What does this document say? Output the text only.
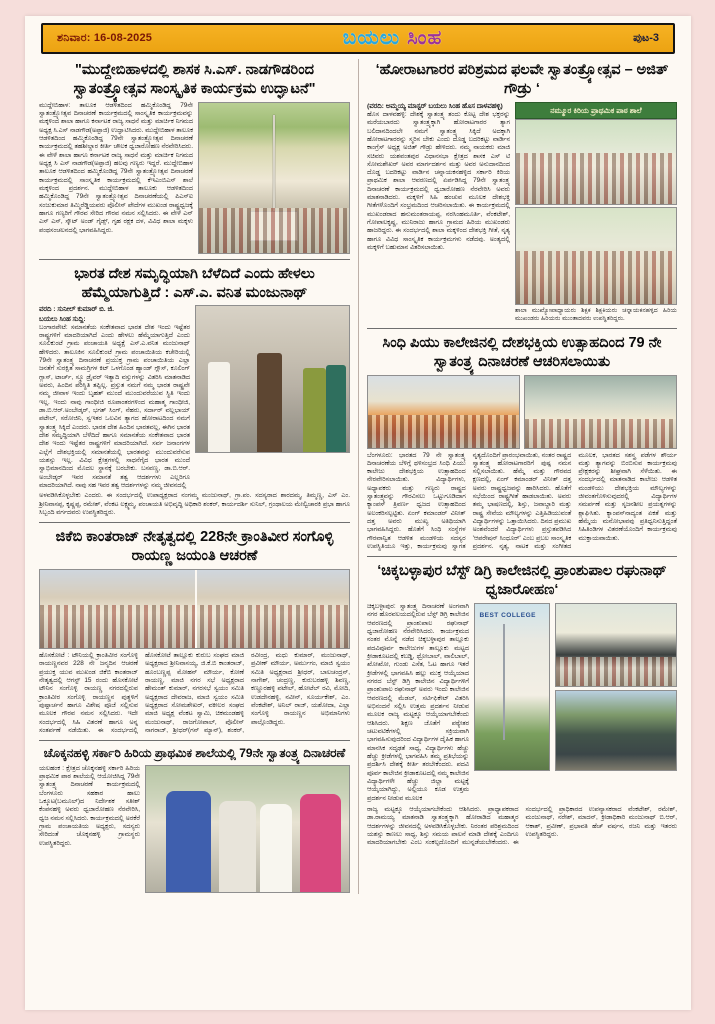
ಶನಿವಾರ: 16-08-2025	ಬಯಲು ಸಿಂಹ	ಪುಟ-3
"ಮುದ್ದೇಬಿಹಾಳದಲ್ಲಿ ಶಾಸಕ ಸಿ.ಎಸ್. ನಾಡಗೌಡರಿಂದ ಸ್ವಾತಂತ್ರ್ಯೋತ್ಸವ ಸಾಂಸ್ಕೃತಿಕ ಕಾರ್ಯಕ್ರಮ ಉದ್ಘಾಟನೆ"

ಮುದ್ದೇಬಿಹಾಳ: ತಾಲೂಕ ಆಡಳಿತದಿಂದ ಹಮ್ಮಿಕೊಂಡಿದ್ದ 79ನೇ ಸ್ವಾತಂತ್ರ್ಯೋತ್ಸವ ದಿನಾಚರಣೆ ಕಾರ್ಯಕ್ರಮದಲ್ಲಿ ಸಾಂಸ್ಕೃತಿಕ ಕಾರ್ಯಕ್ರಮವನ್ನು ಮಕ್ಕಳಿಂದ ಶಾಲಾ ಹಾಗೂ ಕರ್ನಾಟಕ ರಾಜ್ಯ ಸಾಧನೆ ಮತ್ತು ಮಾರ್ಚಿಕ ನಿಗಮದ ಅಧ್ಯಕ್ಷ ಸಿ.ಎಸ್ ನಾಡಗೌಡ(ಅಪ್ಪಾಜಿ) ಉದ್ಘಾಟಿಸಿದರು. ಮುದ್ದೇಬಿಹಾಳ ತಾಲೂಕ ಆಡಳಿತದಿಂದ ಹಮ್ಮಿಕೊಂಡಿದ್ದ 79ನೇ ಸ್ವಾತಂತ್ರ್ಯೋತ್ಸವ ದಿನಾಚರಣೆ ಕಾರ್ಯಕ್ರಮದಲ್ಲಿ ತಹಶೀಲ್ದಾರ ಕೀರ್ತಿ ಚೌಲಕ ಧ್ವಜಾರೋಹಣ ನೆರವೇರಿಸಿದರು. ಈ ವೇಳೆ ಶಾಲಾ ಹಾಗೂ ಕರ್ನಾಟಕ ರಾಜ್ಯ ಸಾಧನೆ ಮತ್ತು ಮಾರ್ಚಿಕ ನಿಗಮದ ಅಧ್ಯಕ್ಷ ಸಿ ಎಸ್ ನಾಡಗೌಡ(ಅಪ್ಪಾಜಿ) ಹಲವು ಗಣ್ಯರು ಇದ್ದರೆ. ಮುದ್ದೇಬಿಹಾಳ ತಾಲೂಕ ಆಡಳಿತದಿಂದ ಹಮ್ಮಿಕೊಂಡಿದ್ದ 79ನೇ ಸ್ವಾತಂತ್ರ್ಯೋತ್ಸವ ದಿನಾಚರಣೆ ಕಾರ್ಯಕ್ರಮದಲ್ಲಿ ಸಾಂಸ್ಕೃತಿಕ ಕಾರ್ಯಕ್ರಮದಲ್ಲಿ ಕೆಇಎಂಬಿಎಸ್ ಶಾಲೆ ಮಕ್ಕಳಿಂದ ಪ್ರದರ್ಶನ. ಮುದ್ದೇಬಿಹಾಳ ತಾಲೂಕು ಆಡಳಿತದಿಂದ ಹಮ್ಮಿಕೊಂಡಿದ್ದ 79ನೇ ಸ್ವಾತಂತ್ರ್ಯೋತ್ಸವ ದಿನಾಚರಣೆಯಲ್ಲಿ ಪಿಎಸ್ಐ ಸಂಜುಕುಮಾರ ತಿಮ್ಮಿರೆಡ್ಡಿಯವರು ಪೊಲೀಸ್ ಪೇದೆಗಳ ಮುಖಂಡ ರಾಷ್ಟ್ರಧ್ವಜಕ್ಕೆ ಹಾಗೂ ಗಣ್ಯರಿಗೆ ಗೌರವ ಸೇರಿದ ಗೌರವ ನಮನ ಸಲ್ಲಿಸಿದರು. ಈ ವೇಳೆ ಎನ್ ಎಸ್ ಎಸ್, ಸ್ಕೌಟ್ ಅಂಡ್ ಗೈಡ್ಸ್, ಗೃಹ ರಕ್ಷಕ ದಳ, ವಿವಿಧ ಶಾಲಾ ಮಕ್ಕಳು ಪಂಥಸಂಚಲನದಲ್ಲಿ ಭಾಗವಹಿಸಿದ್ದರು.

ಭಾರತ ದೇಶ ಸಮೃದ್ಧಿಯಾಗಿ ಬೆಳೆದಿದೆ ಎಂದು ಹೇಳಲು ಹೆಮ್ಮೆಯಾಗುತ್ತಿದೆ : ಎಸ್.ಎ. ವನಿತ ಮಂಜುನಾಥ್
ವರದಿ : ಸುನೀಲ್ ಕುಮಾರ್ ಬಿ. ಜಿ.
ಬಯಲು ಸಿಂಹ ಸುದ್ದಿ:

ಬಂಗಾರಪೇಟೆ: ಸಮಾನತೆಯ ಸಂಕೇತವಾದ ಭಾರತ ದೇಶ ಇಂದು ಇಷ್ಟೆತರ ರಾಷ್ಟ್ರಗಳಿಗೆ ಮಾದರಿಯಾಗಿದೆ ಎಂದು ಹೇಳಲು ಹೆಮ್ಮೆಯಾಗುತ್ತಿದೆ ಎಂದು ಸೂಲಿಕುಂಟೆ ಗ್ರಾಮ ಪಂಚಾಯತಿ ಅಧ್ಯಕ್ಷೆ ಎಸ್.ಎ.ವನಿತ ಮಂಜುನಾಥ್ ಹೇಳಿದರು. ತಾಲೂಕಿನ ಸೂಲಿಕುಂಟೆ ಗ್ರಾಮ ಪಂಚಾಯಿತಿಯ ಕಚೇರಿಯಲ್ಲಿ 79ನೇ ಸ್ವಾತಂತ್ರ್ಯ ದಿನಾಚರಣೆ ಪ್ರಯುಕ್ತ ಗ್ರಾಮ ಪಂಚಾಯಿತಿಯ ಎಲ್ಲಾ ಜನತೆಗೆ ಸುರಕ್ಷಿತ ಸಾಮಗ್ರಿಗಳ ಕಿಟ್ ಒಳಗೊಂಡ ಹ್ಯಾಂಡ್ ಗ್ಲೌಸ್, ಕೂಲಿಂಗ್ ಗ್ಲಾಸ್, ಟಾರ್ಚ್, ಸ್ಕ್ರೂ ಡ್ರೈವರ್ ಇತ್ಯಾದಿ ವಸ್ತುಗಳನ್ನು ವಿತರಿಸಿ ಮಾತನಾಡಿದ ಅವರು, ಹಿಂದಿನ ಪರಿಸ್ಥಿತಿ ತಪ್ಪಿಲ್ಲ. ಪ್ರಸ್ತುತ ನಮಗೆ ನಮ್ಮ ಭಾರತ ರಾಷ್ಟ್ರವೇ ನಮ್ಮ ಜೀವಾಳ ಇಂದು ಬೃಹತ್ ಮುಂದೆ ಮುಂದುವರೆಯುವ ಸ್ಥಿತಿ ಇಂದು ಇಲ್ಲ. ಇಂದು ನಾವು ಗಾಂಧೀಜಿ ರೂಪಾಂತರಗಳಿಂದ ಮಹಾತ್ಮ ಗಾಂಧೀಜಿ, ಡಾ.ಬಿ.ಆರ್.ಅಂಬೇಡ್ಕರ್, ಭಗತ್ ಸಿಂಗ್, ನೆಹರು, ಸರ್ದಾರ್ ವಲ್ಲಭಾಯ್ ಪಟೇಲ್, ಸರೋಜಿನಿ, ಸ್ವಇತರ ಒಲವಿನ ತ್ಯಾಗದ ಹೋರಾಟದಿಂದ ನಮಗೆ ಸ್ವಾತಂತ್ರ್ಯ ಸಿಕ್ಕಿದೆ ಎಂದರು. ಭಾರತ ದೇಶ ಹಿಂದಿನ ಭಾರತವಲ್ಲ, ಈಗಿನ ಭಾರತ ದೇಶ ಸಮೃದ್ಧಿಯಾಗಿ ಬೆಳೆದಿದೆ ಹಾಗೂ ಸಮಾನತೆಯ ಸಂಕೇತವಾದ ಭಾರತ ದೇಶ ಇಂದು ಇಷ್ಟೆತರ ರಾಷ್ಟ್ರಗಳಿಗೆ ಮಾದರಿಯಾಗಿದೆ. ಸರ್ವ ಜನಾಂಗಗಳ ಎಲ್ಲೆಗೆ ದೇಶಭಕ್ತಿಯಲ್ಲಿ ಸಮಾನತೆಯಲ್ಲಿ ಭಾರತವನ್ನು ಮುಂದುವರೆಸುವ ಯಶಸ್ಸು ಇಲ್ಲ. ವಿವಿಧ ಕ್ಷೇತ್ರಗಳಲ್ಲಿ ಸಾಧನೆಗೈದ ಭಾರತ ಮುಂದೆ ಸ್ವಾಭಿಮಾನದಿಂದ ಮೊದಲ ಸ್ಥಾನಕ್ಕೆ ಬರಬೇಕು. ಬಸವಣ್ಣ, ಡಾ.ಬಿ.ಆರ್. ಅಂಬೇಡ್ಕರ್ ಇವರ ಸಮಾನತೆ ತತ್ವ ಆದರ್ಶಗಳು ಎಲ್ಲರಿಗೂ ಮಾದರಿಯಾಗಿದೆ. ನಾವು ಸಹ ಇವರ ತತ್ವ ಆದರ್ಶಗಳನ್ನು ನಮ್ಮ ಜೀವನದಲ್ಲಿ

ಅಳವಡಿಸಿಕೊಳ್ಳಬೇಕು ಎಂದರು. ಈ ಸಂದರ್ಭದಲ್ಲಿ ಉಪಾಧ್ಯಕ್ಷರಾದ ನಂಗಮ್ಮ ಮಂಜುನಾಥ್, ಗ್ರಾ.ಪಂ. ಸದಸ್ಯರಾದ ಶಾರದಮ್ಮ, ತಿಮ್ಮಣ್ಣ, ಎಸ್ ಎಂ. ಶ್ರೀನಿವಾಸಪ್ಪ, ಕೃಷ್ಣಪ್ಪ, ರಮೇಶ್, ವೆಂಕಟ ಲಕ್ಷ್ಮಮ್ಮ, ಪಂಚಾಯತಿ ಅಭಿವೃದ್ಧಿ ಅಧಿಕಾರಿ ಶಂಕರ್, ಕಾರ್ಯದರ್ಶಿ ಸುನಿಲ್, ಗ್ರಂಥಾಲಯ ಮೇಲ್ವಿಚಾರಕಿ ಪ್ರಭಾ ಹಾಗೂ ಸಿಬ್ಬಂದಿ ವರ್ಗದವರು ಉಪಸ್ಥಿತರಿದ್ದರು.

ಜಿಕೆಬಿ ಕಾಂತರಾಜ್ ನೇತೃತ್ವದಲ್ಲಿ 228ನೇ ಕ್ರಾಂತಿವೀರ ಸಂಗೊಳ್ಳಿ ರಾಯಣ್ಣ ಜಯಂತಿ ಆಚರಣೆ

ಹೊಸಕೋಟೆ : ಟೌನಿಯಲ್ಲಿ ಕ್ರಾಂತಿವೀರ ಸಂಗೊಳ್ಳಿ ರಾಯಣ್ಣನವರ 228 ನೇ ಜನ್ಮದಿನ ಆಚರಣೆ ಪ್ರಯುಕ್ತ ಯುವ ಮುಖಂಡ ಜಿಕೆಬಿ ಕಾಂತರಾಜ್ ನೇತೃತ್ವದಲ್ಲಿ ಆಗಸ್ಟ್ 15 ರಂದು ಹೊಸಕೋಟೆ ಟೌನಿನ ಸಂಗೊಳ್ಳಿ ರಾಯಣ್ಣ ನಗರದಲ್ಲಿರುವ ಕ್ರಾಂತಿವೀರ ಸಂಗೊಳ್ಳಿ ರಾಯಣ್ಣನ ಪುತ್ಥಳಿಗೆ ಪುಷ್ಪಾರ್ಚನೆ ಹಾಗೂ ವಿಶೇಷ ಪೂಜೆ ಸಲ್ಲಿಸುವ ಮೂಲಕ ಗೌರವ ನಮನ ಸಲ್ಲಿಸಿದರು. ಇದೇ ಸಂದರ್ಭದಲ್ಲಿ ಸಿಹಿ ವಿತರಣೆ ಹಾಗೂ ಅನ್ನ ಸಂತರ್ಪಣೆ ನಡೆಯಿತು. ಈ ಸಂದರ್ಭದಲ್ಲಿ ಹೊಸಕೋಟೆ ತಾಲ್ಲೂಕು ಕುರುಬ ಸಂಘದ ಮಾಜಿ ಅಧ್ಯಕ್ಷರಾದ ಶ್ರೀನಿವಾಸಯ್ಯ, ಜಿ.ಕೆ.ಬಿ ಕಾಂತರಾಜ್, ಹೂಂಬಣ್ಣಪ್ಪ ಮೋಹನ್ ಮೌರ್ಯ, ಕೋಣೆ ರಾಯಣ್ಣ, ಮಾಜಿ ನಗರ ಸಭೆ ಅಧ್ಯಕ್ಷರಾದ ಹೇಮಂತ್ ಕುಮಾರ್, ನಗರಸಭೆ ಸ್ವಯಂ ಸಮಿತಿ ಅಧ್ಯಕ್ಷರಾದ ದೇವರಾಜ, ಮಾಜಿ ಸ್ವಯಂ ಸಮಿತಿ ಅಧ್ಯಕ್ಷರಾದ ಸೋಮಶೇಖರ್, ವಕೀಲರ ಸಂಘದ ಮಾಜಿ ಅಧ್ಯಕ್ಷ ವೆಂಕಟ ಸ್ವಾಮಿ, ಚಿಕಮಂಡಹಳ್ಳಿ ಮಂಜುನಾಥ್, ರಾಜಗೋಪಾಲ್, ಪೊಲೀಸ್ ನಾಗರಾಜ್, ಶ್ರೀಧರ್(ಗನ್ ಮ್ಯಾನ್), ಶಂಕರ್, ರವೀಂದ್ರ, ಮಧು ಕುಮಾರ್, ಮಂಜುನಾಥ್, ಪ್ರವೀಣ್ ಮೌರ್ಯ, ಅರ್ಮುಗಂ, ಮಾಜಿ ಸ್ವಯಂ ಸಮಿತಿ ಅಧ್ಯಕ್ಷರಾದ ಶ್ರೀಧರ್, ಬಾಲಚಂದ್ರನ್, ನಾಗೇಶ್, ಚಂದ್ರಣ್ಣ, ಕುರುಬರಹಳ್ಳಿ ಶಿವಣ್ಣ, ಕಣ್ಣೂರಹಳ್ಳಿ ಪಟೇಲ್, ಹೋಟೆಲ್ ರವಿ, ಮೋದಿ, ಉಡದೇನಹಳ್ಳಿ, ನವೀನ್, ಸೂರ್ಯಕೇಶ್, ಎಂ. ವೆಂಕಟೇಶ್, ಅನಿಲ್ ರಾಜ್, ಯಶೋದಾ, ಎಲ್ಲಾ ಸಂಗೊಳ್ಳಿ ರಾಯಣ್ಣನ ಅಭಿಮಾನಿಗಳು ಪಾಲ್ಗೊಂಡಿದ್ದರು.

ಚೊಕ್ಕನಹಳ್ಳಿ ಸರ್ಕಾರಿ ಹಿರಿಯ ಪ್ರಾಥಮಿಕ ಶಾಲೆಯಲ್ಲಿ 79ನೇ ಸ್ವಾತಂತ್ರ್ಯ ದಿನಾಚರಣೆ

ಯಲಹಂಕ : ಕ್ಷೇತ್ರದ ಚೊಕ್ಕನಹಳ್ಳಿ ಸರ್ಕಾರಿ ಹಿರಿಯ ಪ್ರಾಥಮಿಕ ಪಾಠ ಶಾಲೆಯಲ್ಲಿ ಆಯೋಜಿಸಿದ್ದ 79ನೇ ಸ್ವಾತಂತ್ರ್ಯ ದಿನಾಚರಣೆ ಕಾರ್ಯಕ್ರಮದಲ್ಲಿ ಬೆಂಗಳೂರು ಸಹಕಾರ ಹಾಲು ಒಕ್ಕೂಟ(ಬಮೂಲ್)ದ ನಿರ್ದೇಶಕ ಸತೀಶ್ ಕೆಂಪನಹಳ್ಳಿ ಅವರು ಧ್ವಜಾರೋಹಣ ನೆರವೇರಿಸಿ, ಧ್ವಜ ನಮನ ಸಲ್ಲಿಸಿದರು. ಕಾರ್ಯಕ್ರಮದಲ್ಲಿ ಅರಕೆರೆ ಗ್ರಾಮ ಪಂಚಾಯತಿಯ ಅಧ್ಯಕ್ಷರು, ಸದಸ್ಯರು ಸೇರಿದಂತೆ ಚೊಕ್ಕನಹಳ್ಳಿ ಗ್ರಾಮಸ್ಥರು ಉಪಸ್ಥಿತರಿದ್ದರು.

‘ಹೋರಾಟಗಾರರ ಪರಿಶ್ರಮದ ಫಲವೇ ಸ್ವಾತಂತ್ರ್ಯೋತ್ಸವ – ಅಜಿತ್ ಗೌಡ್ರು ‘
(ವರದಿ: ಅಮ್ಮಯ್ಯ ಮಾಸ್ಟರ್ ಬಯಲು ಸಿಂಹ ಹೊಸ ದಾಳವಹಳ್ಳಿ)

ಹೊಸ ದಾಳವಹಳ್ಳಿ: ದೇಶಕ್ಕೆ ಸ್ವಾತಂತ್ರ್ಯ ತಂದು ಕೊಟ್ಟ ದೇಶ ಭಕ್ತರನ್ನು ಮರೆಯಬಾರದು ಸ್ವಾತಂತ್ರ್ಯಕ್ಕಾಗಿ ಹೋರಾಟಗಾರರ ತ್ಯಾಗ ಬಲಿದಾನದಿಂದಲೇ ನಮಗೆ ಸ್ವಾತಂತ್ರ್ಯ ಸಿಕ್ಕಿದೆ ಅದಕ್ಕಾಗಿ ಹೋರಾಟಗಾರರನ್ನು ಸ್ಮರಿಸ ಬೇಕು ಎಂದು ದೊಡ್ಡ ಬದರಿಕಟ್ಟು ವಾರ್ಡಿನ ಕಾಂಗ್ರೆಸ್ ಅಧ್ಯಕ್ಷ ಅಜಿತ್ ಗೌಡ್ರು ಹೇಳಿದರು. ನಮ್ಮ ನಾಯಕರು ಮಾಜಿ ಸಚಿವರು ಯಶವಂತಪುರ ವಿಧಾನಸಭಾ ಕ್ಷೇತ್ರದ ಶಾಸಕ ಎಸ್ ಟಿ ಸೋಮಶೇಖರ್ ಅವರ ಮಾರ್ಗದರ್ಶನ ಮತ್ತು ಅವರ ಅನುದಾನದಿಂದ ದೊಡ್ಡ ಬದರಿಕಟ್ಟು ವಾರ್ಡಿನ ಚನ್ನಾಯಕನಹಳ್ಳಿದ ಸರ್ಕಾರಿ ಕಿರಿಯ ಪ್ರಾಥಮಿಕ ಶಾಲಾ ಆವರಣದಲ್ಲಿ ಏರ್ಪಡಿಸಿದ್ದ 79ನೇ ಸ್ವಾತಂತ್ರ್ಯ ದಿನಾಚರಣೆ ಕಾರ್ಯಕ್ರಮದಲ್ಲಿ ಧ್ವಜಾರೋಹಣ ನೆರವೇರಿಸಿ ಅವರು ಮಾತನಾಡಿದರು. ಮಕ್ಕಳಿಗೆ ಸಿಹಿ ಹಂಚುವ ಮೂಲಕ ದೇಶಭಕ್ತಿ ಗೀತೆಗಳೊಂದಿಗೆ ಸಂಭ್ರಮದಿಂದ ಆಚರಿಸಲಾಯಿತು. ಈ ಕಾರ್ಯಕ್ರಮದಲ್ಲಿ ಮುಖಂಡರಾದ ಹನುಮಂತರಾಯಪ್ಪ, ನರಸಿಂಹಮೂರ್ತಿ, ವೆಂಕಟೇಶ್, ಗೋಪಾಲಕೃಷ್ಣ, ಮುನಿರಾಜು ಹಾಗೂ ಗ್ರಾಮದ ಹಿರಿಯ ಮುಖಂಡರು ಹಾಜರಿದ್ದರು. ಈ ಸಂದರ್ಭದಲ್ಲಿ ಶಾಲಾ ಮಕ್ಕಳಿಂದ ದೇಶಭಕ್ತಿ ಗೀತೆ, ನೃತ್ಯ ಹಾಗೂ ವಿವಿಧ ಸಾಂಸ್ಕೃತಿಕ ಕಾರ್ಯಕ್ರಮಗಳು ನಡೆದವು. ಅಂತ್ಯದಲ್ಲಿ ಮಕ್ಕಳಿಗೆ ಬಹುಮಾನ ವಿತರಿಸಲಾಯಿತು.

ನಮ್ಮೂರ ಕಿರಿಯ ಪ್ರಾಥಮಿಕ ಪಾಠ ಶಾಲೆ

ಶಾಲಾ ಮುಖ್ಯೋಪಾಧ್ಯಾಯರು ಶಿಕ್ಷಕ ಶಿಕ್ಷಕಿಯರು ಚನ್ನಾಯಕನಹಳ್ಳಿದ ಹಿರಿಯ ಮುಖಂಡರು ಹಿರಿಯರು ಮುಂತಾದವರು ಉಪಸ್ಥಿತರಿದ್ದರು.

ಸಿಂಧಿ ಪಿಯು ಕಾಲೇಜಿನಲ್ಲಿ ದೇಶಭಕ್ತಿಯ ಉತ್ಸಾಹದಿಂದ 79 ನೇ ಸ್ವಾತಂತ್ರ್ಯ ದಿನಾಚರಣೆ ಆಚರಿಸಲಾಯಿತು

ಬೆಂಗಳೂರು: ಭಾರತದ 79 ನೇ ಸ್ವಾತಂತ್ರ್ಯ ದಿನಾಚರಣೆಯ ಬೆಳಿಗ್ಗೆ ಥಳಿಸಂಭ್ರದ ಸಿಂಧಿ ಪಿಯು ಕಾಲೇಜು ದೇಶಭಕ್ತಿಯ ಉತ್ಸಾಹದಿಂದ ನೇರವೇರಿಸಲಾಯಿತು. ವಿದ್ಯಾರ್ಥಿಗಳು, ಅಧ್ಯಾಪಕರು ಮತ್ತು ಗಣ್ಯರು ರಾಷ್ಟ್ರದ ಸ್ವಾತಂತ್ರ್ಯವನ್ನು ಗೌರವಿಸಲು ಒಟ್ಟುಗೂಡಿದಾಗ ಕ್ಯಾಂಪಸ್ ತ್ರಿವರ್ಣ ಧ್ವಜದ ಉತ್ಸಾಹದಿಂದ ಅಲಂಕರಿಸಲ್ಪಟ್ಟಿತು. ಏಂಗ್ ಕಮಾಂಡರ್ ವಿನೀತ್ ದತ್ತ ಅವರು ಮುಖ್ಯ ಅತಿಥಿಯಾಗಿ ಭಾಗವಹಿಸಿದ್ದರು. ಹೊತೆಗೆ ಸಿಂಧಿ ಸಂಸ್ಥೆಗಳ ಗೌರವಾನ್ವಿತ ಆಡಳಿತ ಮಂಡಳಿಯ ಸದಸ್ಯರ ಉಪಸ್ಥಿತಿಯೂ ಇತ್ತು, ಕಾರ್ಯಕ್ರಮವು ಸ್ವಾಗತ ನೃತ್ಯದೊಂದಿಗೆ ಪ್ರಾರಂಭವಾಯಿತು, ನಂತರ ರಾಷ್ಟ್ರದ ಸ್ವಾತಂತ್ರ್ಯ ಹೋರಾಟಗಾರರಿಗೆ ಪುಷ್ಪ ನಮನ ಸಲ್ಲಿಸಲಾಯಿತು. ಹೆಮ್ಮೆ ಮತ್ತು ಗೌರವದ ಕ್ಷಣದಲ್ಲಿ, ಏಂಗ್ ಕಮಾಂಡರ್ ವಿನೀತ್ ದತ್ತ ಅವರು ರಾಷ್ಟ್ರಧ್ವಜವನ್ನು ಹಾರಿಸಿದರು. ಹೊತೆಗೆ ಸಭೆಯಿಂದ ರಾಷ್ಟ್ರಗೀತೆ ಹಾಡಲಾಯಿತು. ಅವರು ತಮ್ಮ ಭಾಷಣದಲ್ಲಿ, ಶಿಸ್ತು, ಜವಾಬ್ದಾರಿ ಮತ್ತು ರಾಷ್ಟ್ರ ಸೇವೆಯ ಮೌಲ್ಯಗಳನ್ನು ಎತ್ತಿಹಿಡಿಯುವಂತೆ ವಿದ್ಯಾರ್ಥಿಗಳನ್ನು ಒತ್ತಾಯಿಸಿದರು. ದಿನದ ಪ್ರಮುಖ ಅಂಶವೆಂದರೆ ವಿದ್ಯಾರ್ಥಿಗಳು ಪ್ರಸ್ತುತಪಡಿಸಿದ 'ಆಪರೇಷನ್ ಸಿಂಧೂರ್' ಎಂಬ ಪ್ರಬಲ ಸಾಂಸ್ಕೃತಿಕ ಪ್ರದರ್ಶನ. ನೃತ್ಯ, ನಾಟಕ ಮತ್ತು ಸಂಗೀತದ ಮೂಲಕ, ಭಾರತದ ಸಶಸ್ತ್ರ ಪಡೆಗಳ ಶೌರ್ಯ ಮತ್ತು ತ್ಯಾಗವನ್ನು ಬಿಂಬಿಸುವ ಕಾರ್ಯಕ್ರಮವು ಪ್ರೇಕ್ಷಕರನ್ನು ಶೀಘ್ರವಾಗಿ ಸೆಳೆಯಿತು. ಈ ಸಂದರ್ಭದಲ್ಲಿ ಮಾತನಾಡಿದ ಕಾಲೇಜು ಆಡಳಿತ ಮಂಡಳಿಯು ದೇಶಭಕ್ತಿಯ ಮೌಲ್ಯಗಳನ್ನು ಜೀವಂತಗೊಳಿಸುವುದರಲ್ಲಿ ವಿದ್ಯಾರ್ಥಿಗಳ ಸಮರ್ಪಣೆ ಮತ್ತು ಸೃಜನಶೀಲ ಪ್ರಯತ್ನಗಳನ್ನು ಶ್ಲಾಘಿಸಿತು. ಕ್ಯಾಂಪಸ್‌ನಾದ್ಯಂತ ಏಕತೆ ಮತ್ತು ಹೆಮ್ಮೆಯ ಮನೋಭಾವವು ಪ್ರತಿಧ್ವನಿಸುತ್ತಿದ್ದಂತೆ ಸಿಹಿತಿಂಡಿಗಳ ವಿತರಣೆಯೊಂದಿಗೆ ಕಾರ್ಯಕ್ರಮವು ಮುಕ್ತಾಯವಾಯಿತು.

‘ಚಿಕ್ಕಬಳ್ಳಾಪುರ ಬೆಸ್ಟ್ ಡಿಗ್ರಿ ಕಾಲೇಜಿನಲ್ಲಿ ಪ್ರಾಂಶುಪಾಲ ರಘುನಾಥ್ ಧ್ವಜಾರೋಹಣ‘

ಚಿಕ್ಕಬಳ್ಳಾಪುರ: ಸ್ವಾತಂತ್ರ್ಯ ದಿನಾಚರಣೆ ಅಂಗವಾಗಿ ನಗರ ಹೊರವಲಯದಲ್ಲಿರುವ ಬೆಸ್ಟ್ ಡಿಗ್ರಿ ಕಾಲೇಜಿನ ಆವರಣದಲ್ಲಿ ಪ್ರಾಂಶುಪಾಲ ರಘುನಾಥ್ ಧ್ವಜಾರೋಹಣ ನೆರವೇರಿಸಿದರು. ಕಾರ್ಯಕ್ರಮದ ನಂತರ ಮೊನ್ನೆ ನಡೆದ ಚಿಕ್ಕಬಳ್ಳಾಪುರ ತಾಲ್ಲೂಕು ಪದವಿಪೂರ್ವ ಕಾಲೇಜುಗಳ ತಾಲ್ಲೂಕು ಮಟ್ಟದ ಕ್ರೀಡಾಕೂಟದಲ್ಲಿ ಕಬಡ್ಡಿ, ಥ್ರೋಬಾಲ್, ವಾಲಿಬಾಲ್, ಖೋಖೋ, ಗುಂಡು ಎಸೆತ, ಓಟ ಹಾಗೂ ಇತರೆ ಕ್ರೀಡೆಗಳಲ್ಲಿ ಭಾಗವಹಿಸಿ ಹಲ್ಲು ಮುಕ್ತ ಆಯ್ಕೆಯಾದ ನಗರದ ಬೆಸ್ಟ್ ಡಿಗ್ರಿ ಕಾಲೇಜಿನ ವಿದ್ಯಾರ್ಥಿಗಳಿಗೆ ಪ್ರಾಂಶುಪಾಲ ರಘುನಾಥ್ ಅವರು ಇಂದು ಕಾಲೇಜಿನ ಆವರಣದಲ್ಲಿ ಮೆಡಲ್, ಸರ್ಟಿಫಿಕೇಟ್ ವಿತರಿಸಿ ಅಭಿನಂದನೆ ಸಲ್ಲಿಸಿ ಉತ್ತಮ ಪ್ರದರ್ಶನ ನೀಡುವ ಮೂಲಕ ರಾಜ್ಯ ಮಟ್ಟಕ್ಕೂ ಆಯ್ಕೆಯಾಗಬೇಕೆಂದು ಆಶಿಸಿದರು. ಶಿಕ್ಷಣ ಜೊತೆಗೆ ಪಠ್ಯೇತರ ಚಟುವಟಿಕೆಗಳಲ್ಲಿ ಸಕ್ರಿಯವಾಗಿ ಭಾಗವಹಿಸುವುದರಿಂದ ವಿದ್ಯಾರ್ಥಿಗಳ ದೈಹಿಕ ಹಾಗೂ ಮಾನಸಿಕ ಸದೃಢತೆ ಸಾಧ್ಯ, ವಿದ್ಯಾರ್ಥಿಗಳು ಹೆಚ್ಚು ಹೆಚ್ಚು ಕ್ರೀಡೆಗಳಲ್ಲಿ ಭಾಗವಹಿಸಿ ತಮ್ಮ ಪ್ರತಿಭೆಯನ್ನು ಪ್ರದರ್ಶಿಸಿ ದೇಶಕ್ಕೆ ಕೀರ್ತಿ ತರಬೇಕೆಂದರು. ಪದವಿ ಪೂರ್ವ ಕಾಲೇಜಿನ ಕ್ರೀಡಾಕೂಟದಲ್ಲಿ ನಮ್ಮ ಕಾಲೇಜಿನ ವಿದ್ಯಾರ್ಥಿಗಳೇ ಹೆಚ್ಚು ಜಿಲ್ಲಾ ಮಟ್ಟಕ್ಕೆ ಆಯ್ಕೆಯಾಗಿದ್ದು, ಅಲ್ಲಿಯೂ ಕೂಡ ಉತ್ತಮ ಪ್ರದರ್ಶನ ನೀಡುವ ಮೂಲಕ

BEST COLLEGE

ರಾಜ್ಯ ಮಟ್ಟಕ್ಕೂ ಆಯ್ಕೆಯಾಗಬೇಕೆಂದು ಆಶಿಸಿದರು. ಪ್ರಾಧ್ಯಾಪಕರಾದ ಡಾ.ರಾಮಯ್ಯ ಮಾತನಾಡಿ ಸ್ವಾತಂತ್ರ್ಯಕ್ಕಾಗಿ ಹೋರಾಡಿದ ಮಹಾತ್ಮರ ಆದರ್ಶಗಳನ್ನು ಜೀವನದಲ್ಲಿ ಅಳವಡಿಸಿಕೊಳ್ಳಬೇಕು. ನಿರಂತರ ಪರಿಶ್ರಮದಿಂದ ಯಶಸ್ಸು ಕಾಣಲು ಸಾಧ್ಯ, ಶಿಸ್ತು ಸಮಯ ಪಾಲನೆ ಮಾಡಿ ದೇಶಕ್ಕೆ ಎಂದಿಗೂ ಮಾದರಿಯಾಗಬೇಕು ಎಂಬ ಸಂಕಲ್ಪದೊಂದಿಗೆ ಮುನ್ನಡೆಯಬೇಕೆಂದರು. ಈ ಸಂದರ್ಭದಲ್ಲಿ ಪ್ರಾಧಿಕಾರದ ಉಪನ್ಯಾಸಕರಾದ ವೆಂಕಟೇಶ್, ರಮೇಶ್, ಮಂಜುನಾಥ್, ನರೇಶ್, ಮಾದನ್, ಕ್ರೀಡಾಧಿಕಾರಿ ಮಂಜುನಾಥ್ ಬಿ.ಆರ್, ಆಕಾಶ್, ಪ್ರವೀಣ್, ಪ್ರಭಾವತಿ ಹೆಚ್ ವರ್ಷನ, ರಜನಿ ಮತ್ತು ಇತರರು ಉಪಸ್ಥಿತರಿದ್ದರು.
